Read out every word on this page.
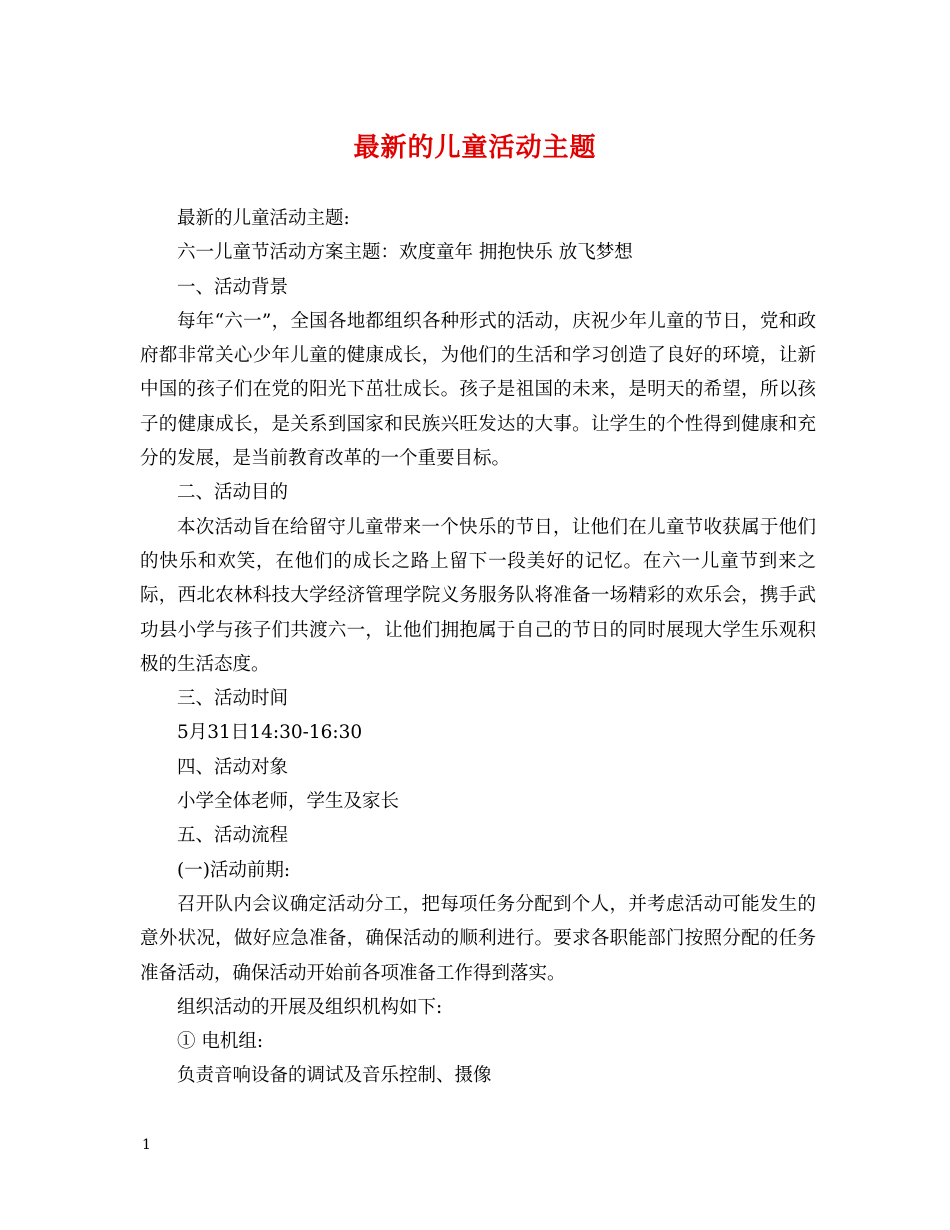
最新的儿童活动主题

最新的儿童活动主题:

六一儿童节活动方案主题：欢度童年 拥抱快乐 放飞梦想

一、活动背景

每年“六一”，全国各地都组织各种形式的活动，庆祝少年儿童的节日，党和政府都非常关心少年儿童的健康成长，为他们的生活和学习创造了良好的环境，让新中国的孩子们在党的阳光下茁壮成长。孩子是祖国的未来，是明天的希望，所以孩子的健康成长，是关系到国家和民族兴旺发达的大事。让学生的个性得到健康和充分的发展，是当前教育改革的一个重要目标。

二、活动目的

本次活动旨在给留守儿童带来一个快乐的节日，让他们在儿童节收获属于他们的快乐和欢笑，在他们的成长之路上留下一段美好的记忆。在六一儿童节到来之际，西北农林科技大学经济管理学院义务服务队将准备一场精彩的欢乐会，携手武功县小学与孩子们共渡六一，让他们拥抱属于自己的节日的同时展现大学生乐观积极的生活态度。

三、活动时间

5月31日14:30-16:30

四、活动对象

小学全体老师，学生及家长

五、活动流程

(一)活动前期:

召开队内会议确定活动分工，把每项任务分配到个人，并考虑活动可能发生的意外状况，做好应急准备，确保活动的顺利进行。要求各职能部门按照分配的任务准备活动，确保活动开始前各项准备工作得到落实。

组织活动的开展及组织机构如下:

① 电机组:

负责音响设备的调试及音乐控制、摄像

1
